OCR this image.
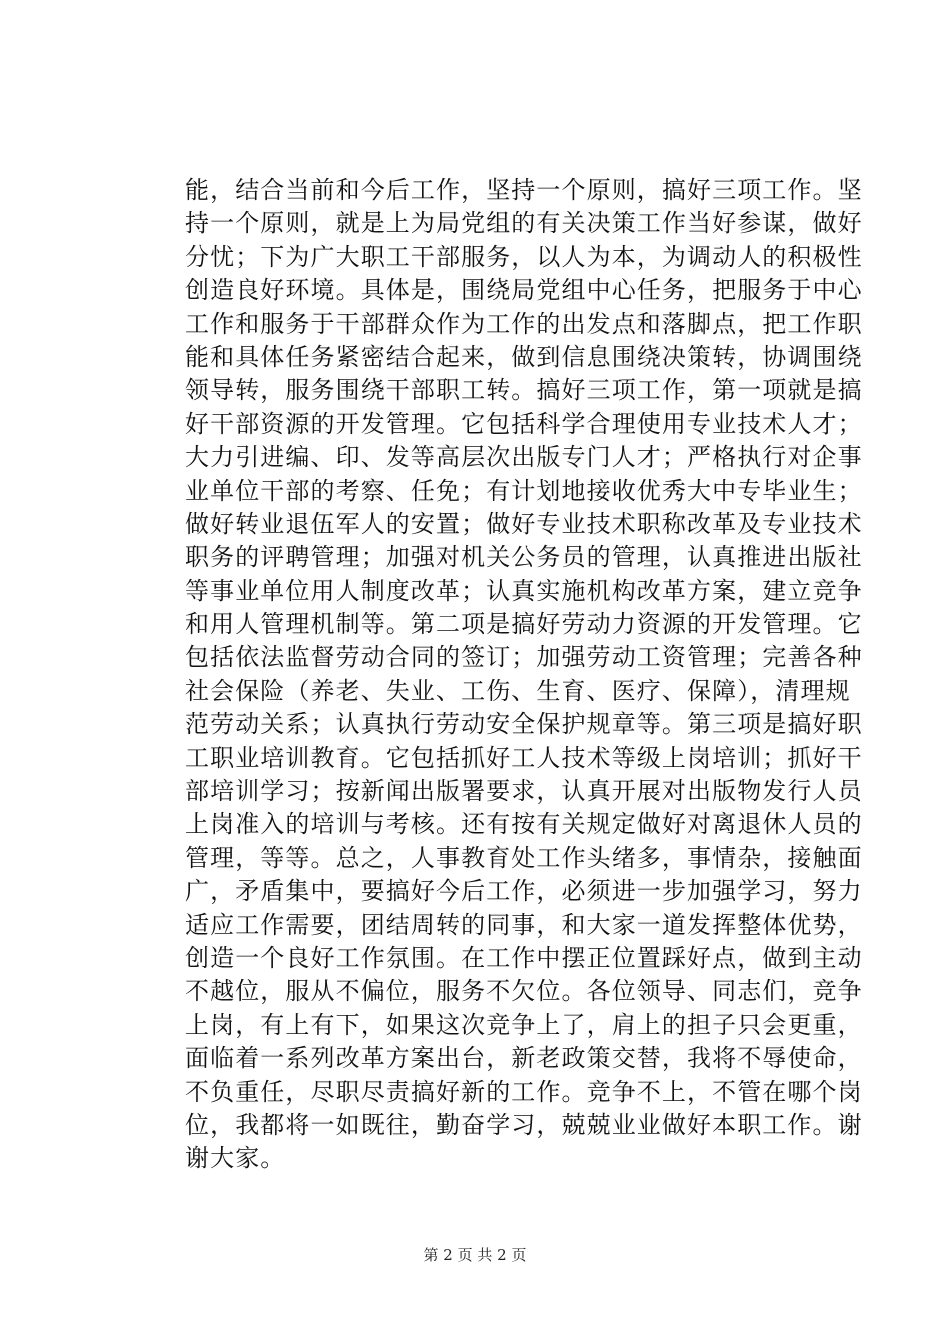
能，结合当前和今后工作，坚持一个原则，搞好三项工作。坚
持一个原则，就是上为局党组的有关决策工作当好参谋，做好
分忧；下为广大职工干部服务，以人为本，为调动人的积极性
创造良好环境。具体是，围绕局党组中心任务，把服务于中心
工作和服务于干部群众作为工作的出发点和落脚点，把工作职
能和具体任务紧密结合起来，做到信息围绕决策转，协调围绕
领导转，服务围绕干部职工转。搞好三项工作，第一项就是搞
好干部资源的开发管理。它包括科学合理使用专业技术人才；
大力引进编、印、发等高层次出版专门人才；严格执行对企事
业单位干部的考察、任免；有计划地接收优秀大中专毕业生；
做好转业退伍军人的安置；做好专业技术职称改革及专业技术
职务的评聘管理；加强对机关公务员的管理，认真推进出版社
等事业单位用人制度改革；认真实施机构改革方案，建立竞争
和用人管理机制等。第二项是搞好劳动力资源的开发管理。它
包括依法监督劳动合同的签订；加强劳动工资管理；完善各种
社会保险（养老、失业、工伤、生育、医疗、保障），清理规
范劳动关系；认真执行劳动安全保护规章等。第三项是搞好职
工职业培训教育。它包括抓好工人技术等级上岗培训；抓好干
部培训学习；按新闻出版署要求，认真开展对出版物发行人员
上岗准入的培训与考核。还有按有关规定做好对离退休人员的
管理，等等。总之，人事教育处工作头绪多，事情杂，接触面
广，矛盾集中，要搞好今后工作，必须进一步加强学习，努力
适应工作需要，团结周转的同事，和大家一道发挥整体优势，
创造一个良好工作氛围。在工作中摆正位置踩好点，做到主动
不越位，服从不偏位，服务不欠位。各位领导、同志们，竞争
上岗，有上有下，如果这次竞争上了，肩上的担子只会更重，
面临着一系列改革方案出台，新老政策交替，我将不辱使命，
不负重任，尽职尽责搞好新的工作。竞争不上，不管在哪个岗
位，我都将一如既往，勤奋学习，兢兢业业做好本职工作。谢
谢大家。
第 2 页 共 2 页
